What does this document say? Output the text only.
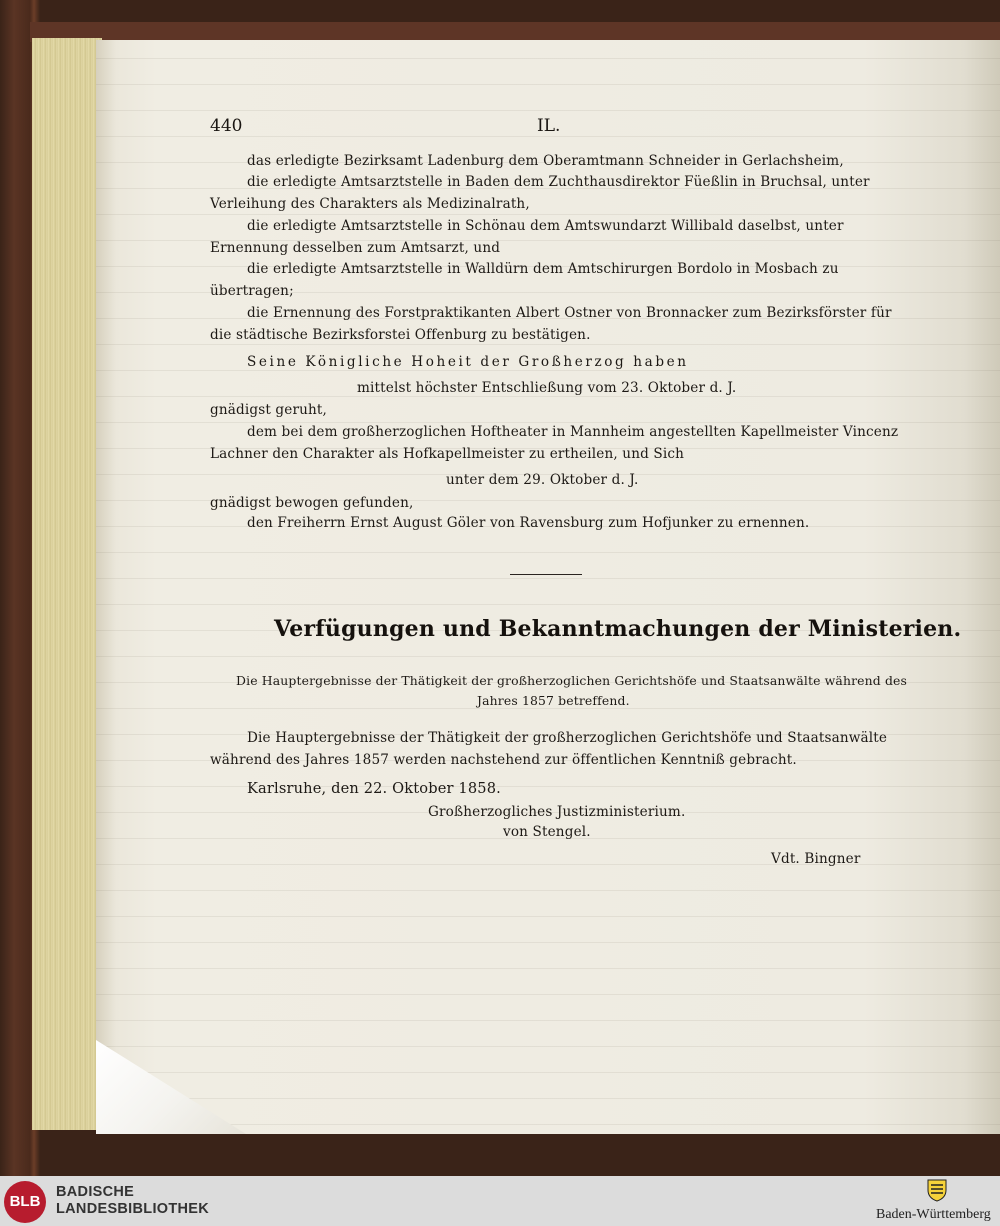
440	IL.
das erledigte Bezirksamt Ladenburg dem Oberamtmann Schneider in Gerlachsheim,
die erledigte Amtsarztstelle in Baden dem Zuchthausdirektor Füeßlin in Bruchsal, unter
Verleihung des Charakters als Medizinalrath,
die erledigte Amtsarztstelle in Schönau dem Amtswundarzt Willibald daselbst, unter
Ernennung desselben zum Amtsarzt, und
die erledigte Amtsarztstelle in Walldürn dem Amtschirurgen Bordolo in Mosbach zu
übertragen;
die Ernennung des Forstpraktikanten Albert Ostner von Bronnacker zum Bezirksförster für
die städtische Bezirksforstei Offenburg zu bestätigen.
Seine Königliche Hoheit der Großherzog haben
mittelst höchster Entschließung vom 23. Oktober d. J.
gnädigst geruht,
dem bei dem großherzoglichen Hoftheater in Mannheim angestellten Kapellmeister Vincenz
Lachner den Charakter als Hofkapellmeister zu ertheilen, und Sich
unter dem 29. Oktober d. J.
gnädigst bewogen gefunden,
den Freiherrn Ernst August Göler von Ravensburg zum Hofjunker zu ernennen.
Verfügungen und Bekanntmachungen der Ministerien.
Die Hauptergebnisse der Thätigkeit der großherzoglichen Gerichtshöfe und Staatsanwälte während des
Jahres 1857 betreffend.
Die Hauptergebnisse der Thätigkeit der großherzoglichen Gerichtshöfe und Staatsanwälte
während des Jahres 1857 werden nachstehend zur öffentlichen Kenntniß gebracht.
Karlsruhe, den 22. Oktober 1858.
Großherzogliches Justizministerium.
von Stengel.
Vdt. Bingner
BLB
BADISCHE
LANDESBIBLIOTHEK	Baden-Württemberg
